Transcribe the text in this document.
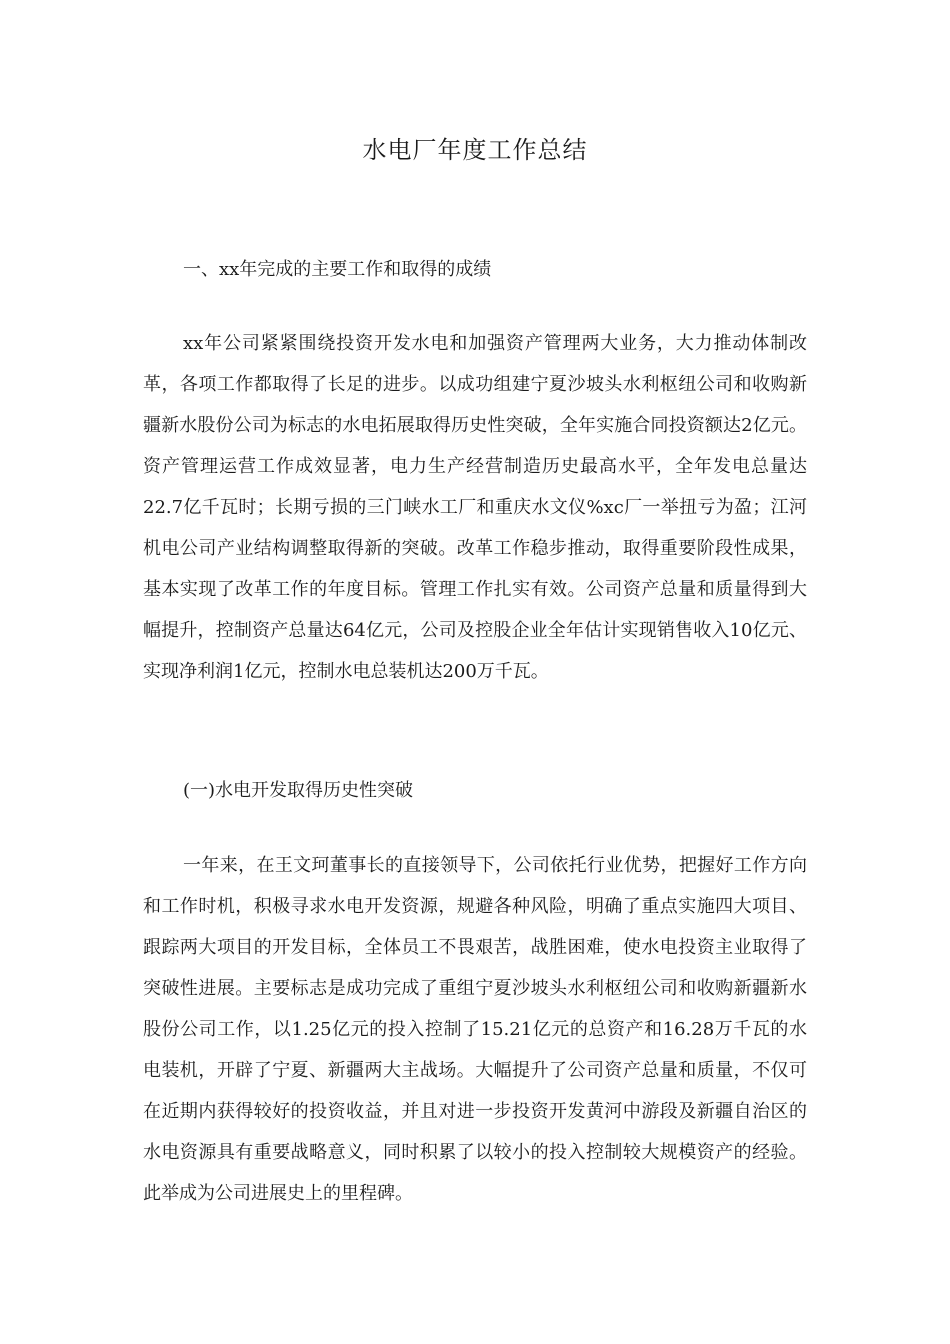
水电厂年度工作总结
一、xx年完成的主要工作和取得的成绩

xx年公司紧紧围绕投资开发水电和加强资产管理两大业务，大力推动体制改革，各项工作都取得了长足的进步。以成功组建宁夏沙坡头水利枢纽公司和收购新疆新水股份公司为标志的水电拓展取得历史性突破，全年实施合同投资额达2亿元。资产管理运营工作成效显著，电力生产经营制造历史最高水平，全年发电总量达22.7亿千瓦时；长期亏损的三门峡水工厂和重庆水文仪%xc厂一举扭亏为盈；江河机电公司产业结构调整取得新的突破。改革工作稳步推动，取得重要阶段性成果，基本实现了改革工作的年度目标。管理工作扎实有效。公司资产总量和质量得到大幅提升，控制资产总量达64亿元，公司及控股企业全年估计实现销售收入10亿元、实现净利润1亿元，控制水电总装机达200万千瓦。

(一)水电开发取得历史性突破

一年来，在王文珂董事长的直接领导下，公司依托行业优势，把握好工作方向和工作时机，积极寻求水电开发资源，规避各种风险，明确了重点实施四大项目、跟踪两大项目的开发目标，全体员工不畏艰苦，战胜困难，使水电投资主业取得了突破性进展。主要标志是成功完成了重组宁夏沙坡头水利枢纽公司和收购新疆新水股份公司工作，以1.25亿元的投入控制了15.21亿元的总资产和16.28万千瓦的水电装机，开辟了宁夏、新疆两大主战场。大幅提升了公司资产总量和质量，不仅可在近期内获得较好的投资收益，并且对进一步投资开发黄河中游段及新疆自治区的水电资源具有重要战略意义，同时积累了以较小的投入控制较大规模资产的经验。此举成为公司进展史上的里程碑。
